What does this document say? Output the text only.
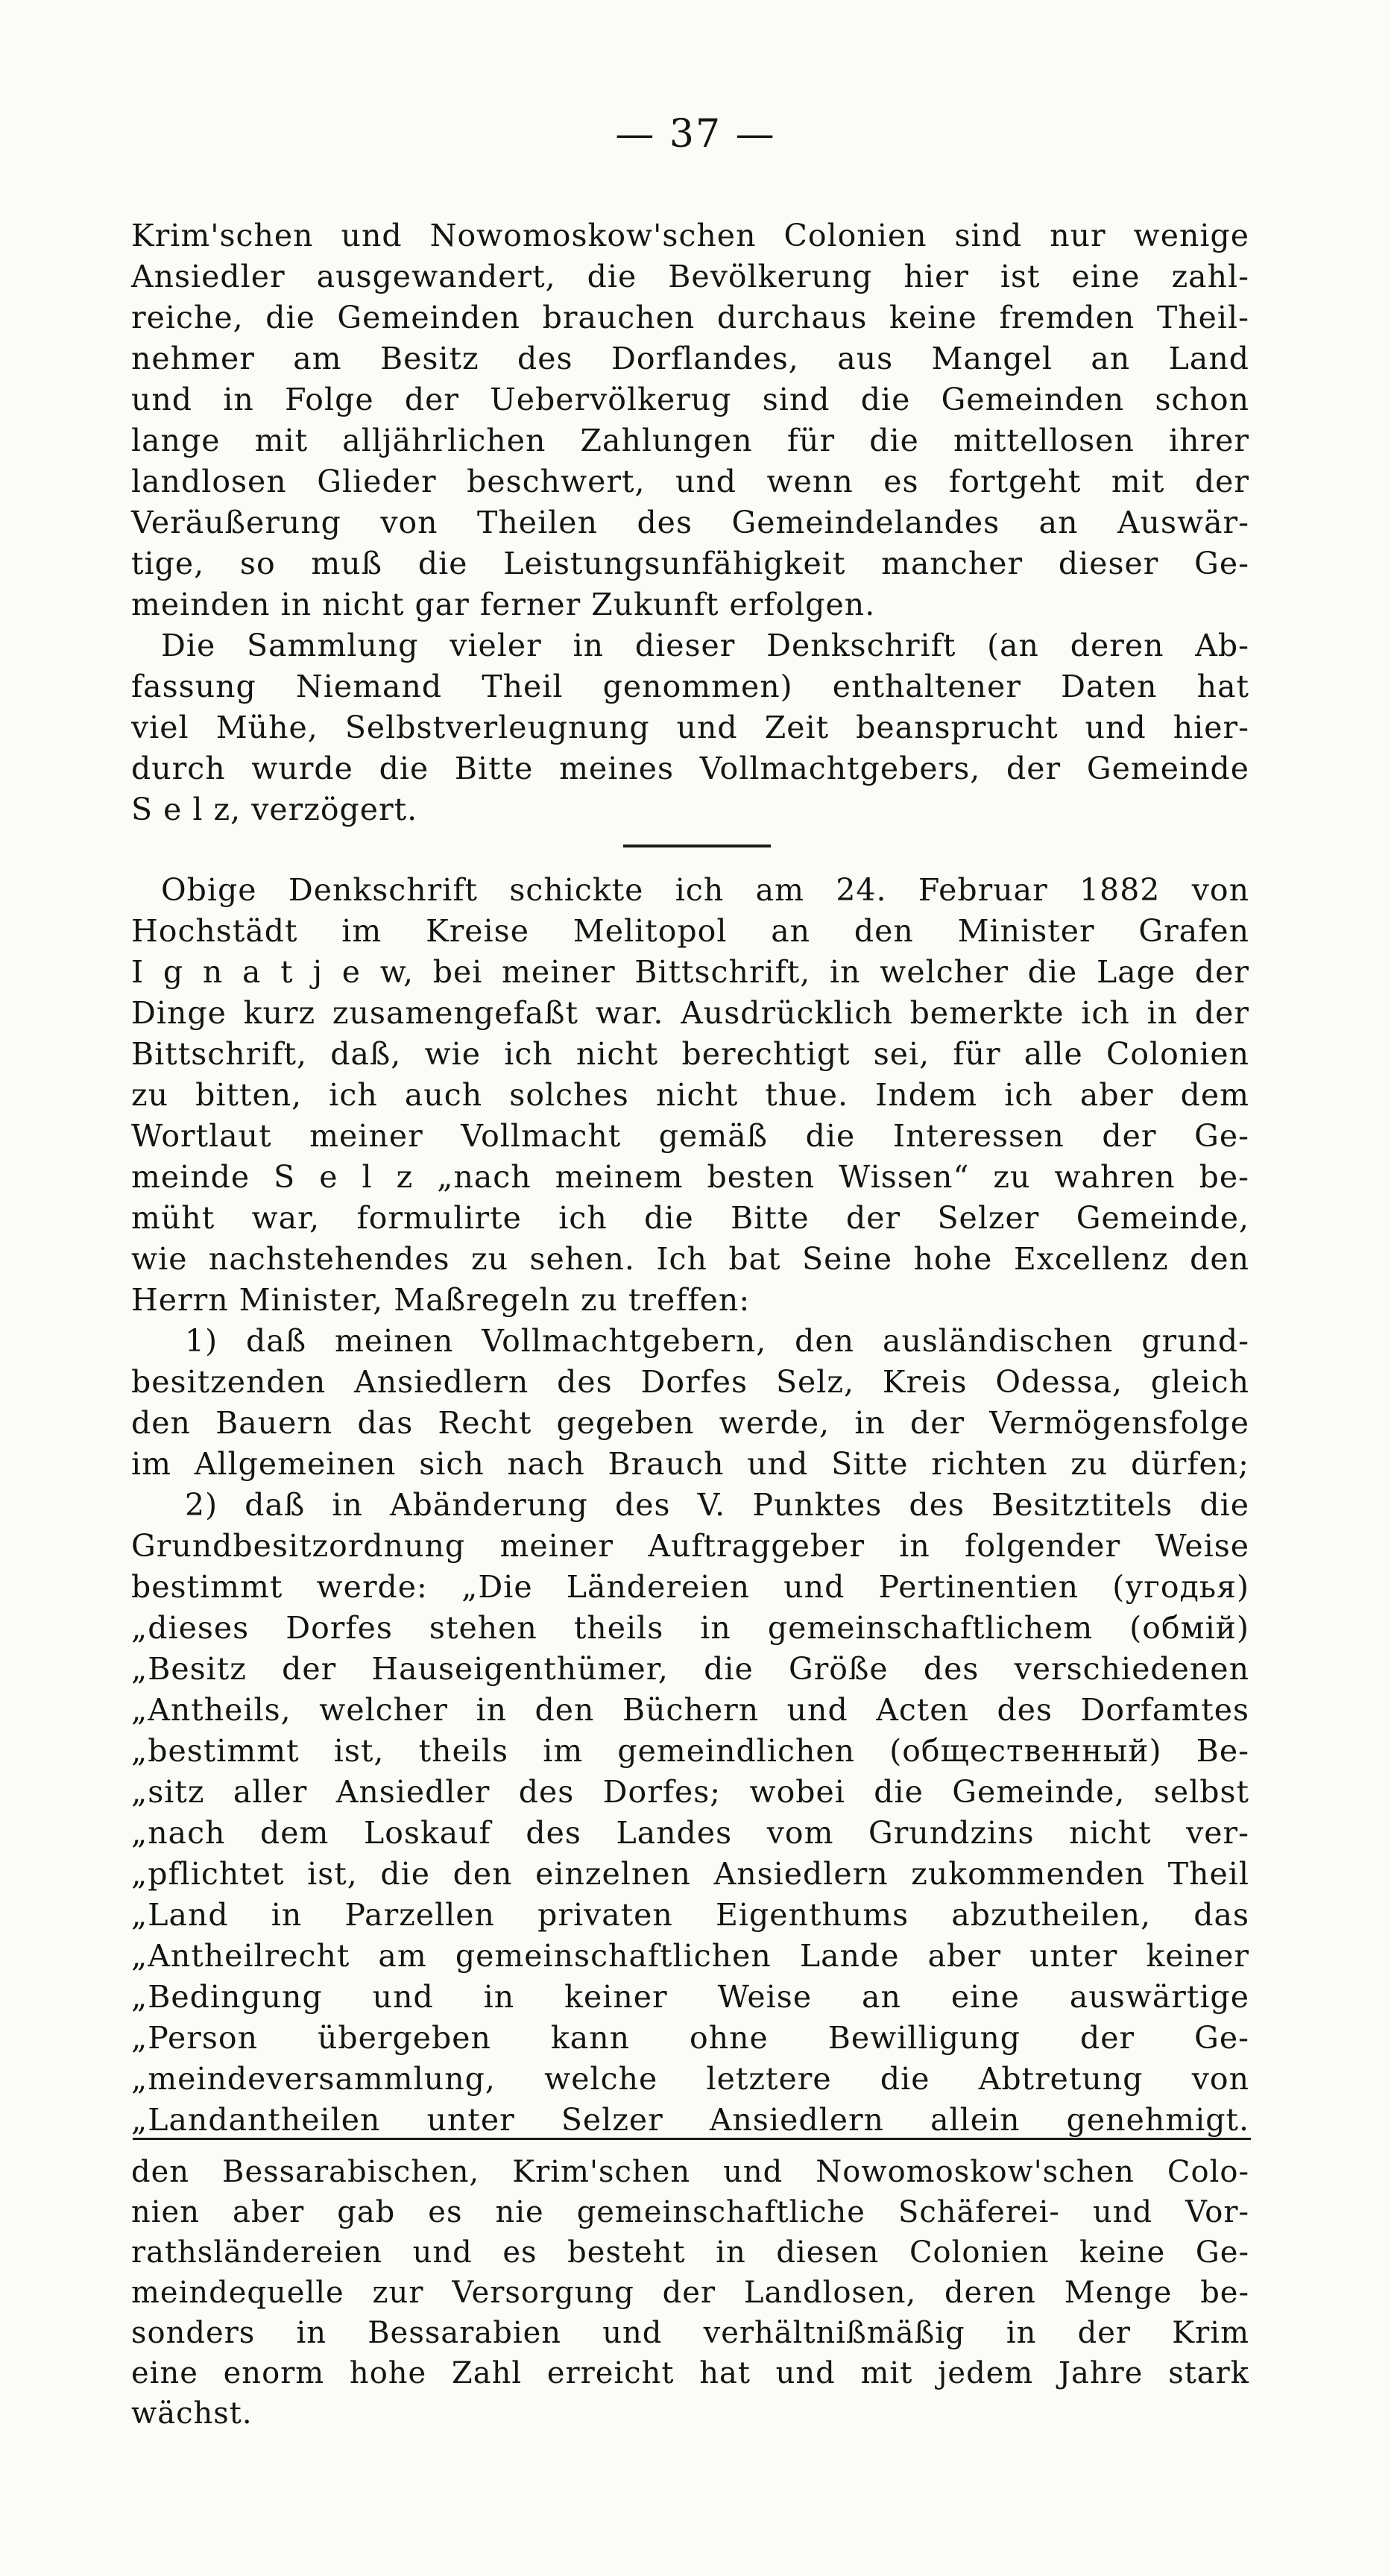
— 37 —
Krim'schen und Nowomoskow'schen Colonien sind nur wenige
Ansiedler ausgewandert, die Bevölkerung hier ist eine zahl-
reiche, die Gemeinden brauchen durchaus keine fremden Theil-
nehmer am Besitz des Dorflandes, aus Mangel an Land
und in Folge der Uebervölkerug sind die Gemeinden schon
lange mit alljährlichen Zahlungen für die mittellosen ihrer
landlosen Glieder beschwert, und wenn es fortgeht mit der
Veräußerung von Theilen des Gemeindelandes an Auswär-
tige, so muß die Leistungsunfähigkeit mancher dieser Ge-
meinden in nicht gar ferner Zukunft erfolgen.
Die Sammlung vieler in dieser Denkschrift (an deren Ab-
fassung Niemand Theil genommen) enthaltener Daten hat
viel Mühe, Selbstverleugnung und Zeit beansprucht und hier-
durch wurde die Bitte meines Vollmachtgebers, der Gemeinde
S e l z, verzögert.
Obige Denkschrift schickte ich am 24. Februar 1882 von
Hochstädt im Kreise Melitopol an den Minister Grafen
I g n a t j e w, bei meiner Bittschrift, in welcher die Lage der
Dinge kurz zusamengefaßt war. Ausdrücklich bemerkte ich in der
Bittschrift, daß, wie ich nicht berechtigt sei, für alle Colonien
zu bitten, ich auch solches nicht thue. Indem ich aber dem
Wortlaut meiner Vollmacht gemäß die Interessen der Ge-
meinde S e l z „nach meinem besten Wissen“ zu wahren be-
müht war, formulirte ich die Bitte der Selzer Gemeinde,
wie nachstehendes zu sehen. Ich bat Seine hohe Excellenz den
Herrn Minister, Maßregeln zu treffen:
1) daß meinen Vollmachtgebern, den ausländischen grund-
besitzenden Ansiedlern des Dorfes Selz, Kreis Odessa, gleich
den Bauern das Recht gegeben werde, in der Vermögensfolge
im Allgemeinen sich nach Brauch und Sitte richten zu dürfen;
2) daß in Abänderung des V. Punktes des Besitztitels die
Grundbesitzordnung meiner Auftraggeber in folgender Weise
bestimmt werde: „Die Ländereien und Pertinentien (угодья)
„dieses Dorfes stehen theils in gemeinschaftlichem (обмiй)
„Besitz der Hauseigenthümer, die Größe des verschiedenen
„Antheils, welcher in den Büchern und Acten des Dorfamtes
„bestimmt ist, theils im gemeindlichen (общественный) Be-
„sitz aller Ansiedler des Dorfes; wobei die Gemeinde, selbst
„nach dem Loskauf des Landes vom Grundzins nicht ver-
„pflichtet ist, die den einzelnen Ansiedlern zukommenden Theil
„Land in Parzellen privaten Eigenthums abzutheilen, das
„Antheilrecht am gemeinschaftlichen Lande aber unter keiner
„Bedingung und in keiner Weise an eine auswärtige
„Person übergeben kann ohne Bewilligung der Ge-
„meindeversammlung, welche letztere die Abtretung von
„Landantheilen unter Selzer Ansiedlern allein genehmigt.
den Bessarabischen, Krim'schen und Nowomoskow'schen Colo-
nien aber gab es nie gemeinschaftliche Schäferei- und Vor-
rathsländereien und es besteht in diesen Colonien keine Ge-
meindequelle zur Versorgung der Landlosen, deren Menge be-
sonders in Bessarabien und verhältnißmäßig in der Krim
eine enorm hohe Zahl erreicht hat und mit jedem Jahre stark
wächst.
